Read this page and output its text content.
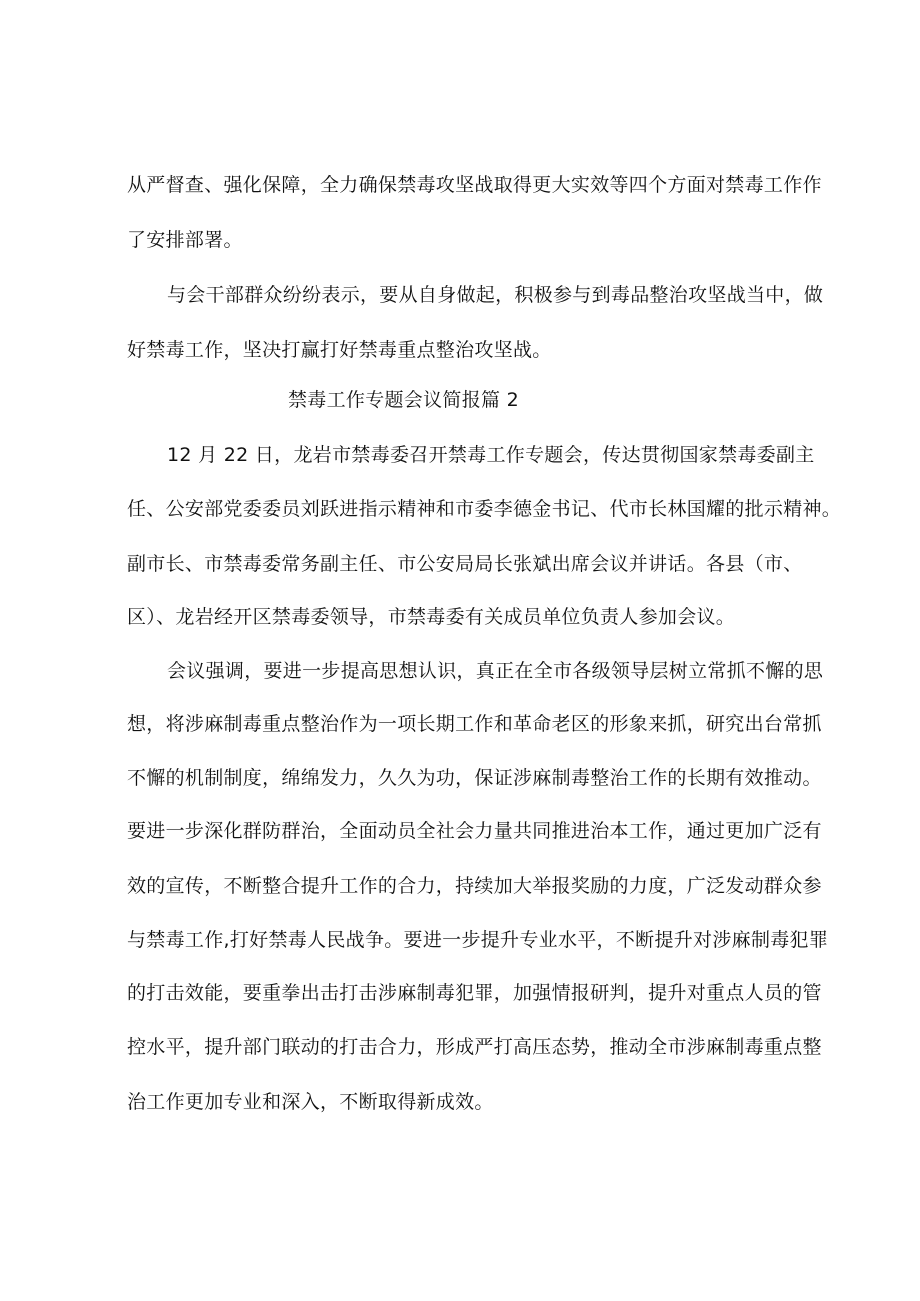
从严督查、强化保障，全力确保禁毒攻坚战取得更大实效等四个方面对禁毒工作作
了安排部署。
与会干部群众纷纷表示，要从自身做起，积极参与到毒品整治攻坚战当中，做
好禁毒工作，坚决打赢打好禁毒重点整治攻坚战。
禁毒工作专题会议简报篇 2
12 月 22 日，龙岩市禁毒委召开禁毒工作专题会，传达贯彻国家禁毒委副主
任、公安部党委委员刘跃进指示精神和市委李德金书记、代市长林国耀的批示精神。
副市长、市禁毒委常务副主任、市公安局局长张斌出席会议并讲话。各县（市、
区）、龙岩经开区禁毒委领导，市禁毒委有关成员单位负责人参加会议。
会议强调，要进一步提高思想认识，真正在全市各级领导层树立常抓不懈的思
想，将涉麻制毒重点整治作为一项长期工作和革命老区的形象来抓，研究出台常抓
不懈的机制制度，绵绵发力，久久为功，保证涉麻制毒整治工作的长期有效推动。
要进一步深化群防群治，全面动员全社会力量共同推进治本工作，通过更加广泛有
效的宣传，不断整合提升工作的合力，持续加大举报奖励的力度，广泛发动群众参
与禁毒工作,打好禁毒人民战争。要进一步提升专业水平，不断提升对涉麻制毒犯罪
的打击效能，要重拳出击打击涉麻制毒犯罪，加强情报研判，提升对重点人员的管
控水平，提升部门联动的打击合力，形成严打高压态势，推动全市涉麻制毒重点整
治工作更加专业和深入，不断取得新成效。
